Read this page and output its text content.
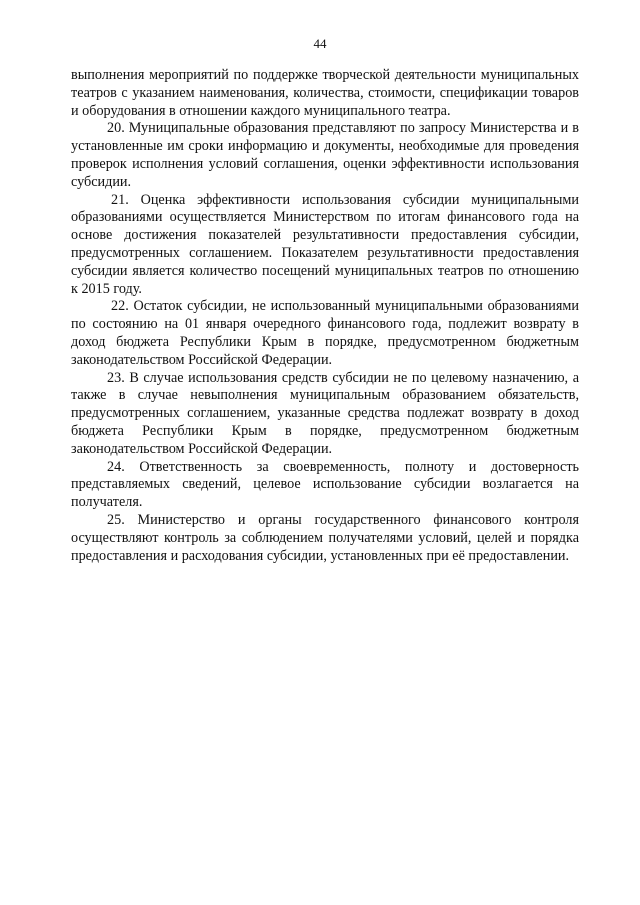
44

выполнения мероприятий по поддержке творческой деятельности муниципальных театров с указанием наименования, количества, стоимости, спецификации товаров и оборудования в отношении каждого муниципального театра.

20. Муниципальные образования представляют по запросу Министерства и в установленные им сроки информацию и документы, необходимые для проведения проверок исполнения условий соглашения, оценки эффективности использования субсидии.

21. Оценка эффективности использования субсидии муниципальными образованиями осуществляется Министерством по итогам финансового года на основе достижения показателей результативности предоставления субсидии, предусмотренных соглашением. Показателем результативности предоставления субсидии является количество посещений муниципальных театров по отношению к 2015 году.

22. Остаток субсидии, не использованный муниципальными образованиями по состоянию на 01 января очередного финансового года, подлежит возврату в доход бюджета Республики Крым в порядке, предусмотренном бюджетным законодательством Российской Федерации.

23. В случае использования средств субсидии не по целевому назначению, а также в случае невыполнения муниципальным образованием обязательств, предусмотренных соглашением, указанные средства подлежат возврату в доход бюджета Республики Крым в порядке, предусмотренном бюджетным законодательством Российской Федерации.

24. Ответственность за своевременность, полноту и достоверность представляемых сведений, целевое использование субсидии возлагается на получателя.

25. Министерство и органы государственного финансового контроля осуществляют контроль за соблюдением получателями условий, целей и порядка предоставления и расходования субсидии, установленных при её предоставлении.
